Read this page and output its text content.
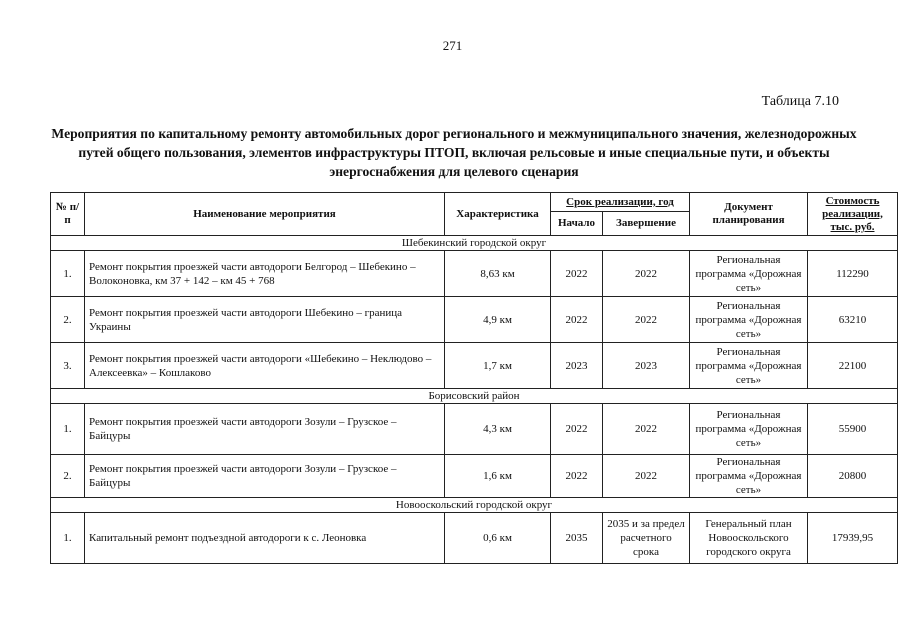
271
Таблица 7.10
Мероприятия по капитальному ремонту автомобильных дорог регионального и межмуниципального значения, железнодорожных путей общего пользования, элементов инфраструктуры ПТОП, включая рельсовые и иные специальные пути, и объекты энергоснабжения для целевого сценария
№ п/п	Наименование мероприятия	Характеристика	Срок реализации, год		Документ планирования	Стоимость реализации, тыс. руб.
			Начало	Завершение		
Шебекинский городской округ						
1.	Ремонт покрытия проезжей части автодороги Белгород – Шебекино – Волоконовка, км 37 + 142 – км 45 + 768	8,63 км	2022	2022	Региональная программа «Дорожная сеть»	112290
2.	Ремонт покрытия проезжей части автодороги Шебекино – граница Украины	4,9 км	2022	2022	Региональная программа «Дорожная сеть»	63210
3.	Ремонт покрытия проезжей части автодороги «Шебекино – Неклюдово – Алексеевка» – Кошлаково	1,7 км	2023	2023	Региональная программа «Дорожная сеть»	22100
Борисовский район						
1.	Ремонт покрытия проезжей части автодороги Зозули – Грузское – Байцуры	4,3 км	2022	2022	Региональная программа «Дорожная сеть»	55900
2.	Ремонт покрытия проезжей части автодороги Зозули – Грузское – Байцуры	1,6 км	2022	2022	Региональная программа «Дорожная сеть»	20800
Новооскольский городской округ						
1.	Капитальный ремонт подъездной автодороги к с. Леоновка	0,6 км	2035	2035 и за предел расчетного срока	Генеральный план Новооскольского городского округа	17939,95
